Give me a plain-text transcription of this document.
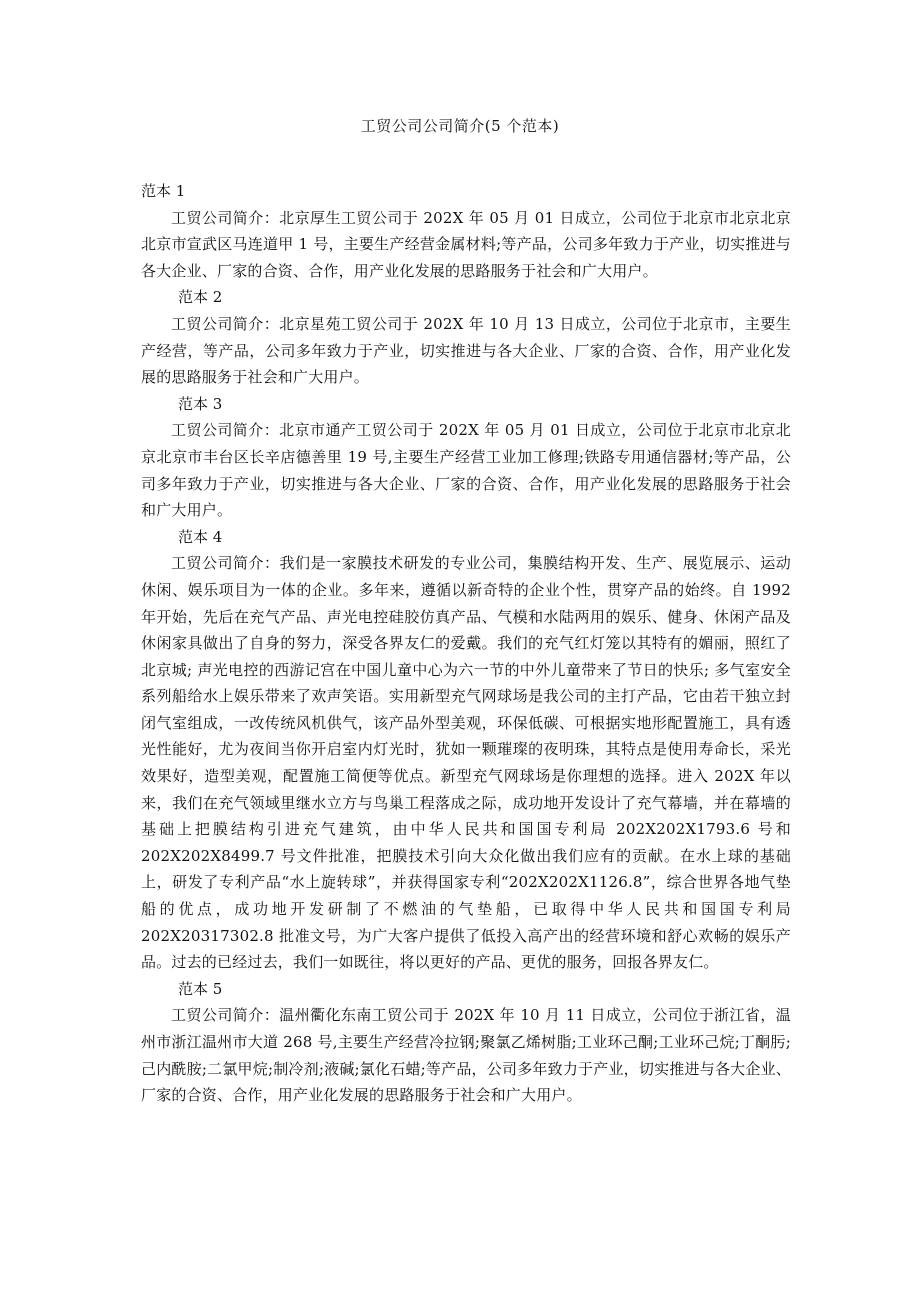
工贸公司公司简介(5 个范本)
范本 1

工贸公司简介：北京厚生工贸公司于 202X 年 05 月 01 日成立，公司位于北京市北京北京北京市宣武区马连道甲 1 号，主要生产经营金属材料;等产品，公司多年致力于产业，切实推进与各大企业、厂家的合资、合作，用产业化发展的思路服务于社会和广大用户。

范本 2

工贸公司简介：北京星苑工贸公司于 202X 年 10 月 13 日成立，公司位于北京市，主要生产经营，等产品，公司多年致力于产业，切实推进与各大企业、厂家的合资、合作，用产业化发展的思路服务于社会和广大用户。

范本 3

工贸公司简介：北京市通产工贸公司于 202X 年 05 月 01 日成立，公司位于北京市北京北京北京市丰台区长辛店德善里 19 号,主要生产经营工业加工修理;铁路专用通信器材;等产品，公司多年致力于产业，切实推进与各大企业、厂家的合资、合作，用产业化发展的思路服务于社会和广大用户。

范本 4

工贸公司简介：我们是一家膜技术研发的专业公司，集膜结构开发、生产、展览展示、运动休闲、娱乐项目为一体的企业。多年来，遵循以新奇特的企业个性，贯穿产品的始终。自 1992 年开始，先后在充气产品、声光电控硅胶仿真产品、气模和水陆两用的娱乐、健身、休闲产品及休闲家具做出了自身的努力，深受各界友仁的爱戴。我们的充气红灯笼以其特有的媚丽，照红了北京城; 声光电控的西游记宫在中国儿童中心为六一节的中外儿童带来了节日的快乐; 多气室安全系列船给水上娱乐带来了欢声笑语。实用新型充气网球场是我公司的主打产品，它由若干独立封闭气室组成，一改传统风机供气，该产品外型美观，环保低碳、可根据实地形配置施工，具有透光性能好，尤为夜间当你开启室内灯光时，犹如一颗璀璨的夜明珠，其特点是使用寿命长，采光效果好，造型美观，配置施工简便等优点。新型充气网球场是你理想的选择。进入 202X 年以来，我们在充气领域里继水立方与鸟巢工程落成之际，成功地开发设计了充气幕墙，并在幕墙的基础上把膜结构引进充气建筑，由中华人民共和国国专利局 202X202X1793.6 号和 202X202X8499.7 号文件批准，把膜技术引向大众化做出我们应有的贡献。在水上球的基础上，研发了专利产品“水上旋转球”，并获得国家专利“202X202X1126.8”，综合世界各地气垫船的优点，成功地开发研制了不燃油的气垫船，已取得中华人民共和国国专利局 202X20317302.8 批准文号，为广大客户提供了低投入高产出的经营环境和舒心欢畅的娱乐产品。过去的已经过去，我们一如既往，将以更好的产品、更优的服务，回报各界友仁。

范本 5

工贸公司简介：温州衢化东南工贸公司于 202X 年 10 月 11 日成立，公司位于浙江省，温州市浙江温州市大道 268 号,主要生产经营冷拉钢;聚氯乙烯树脂;工业环己酮;工业环己烷;丁酮肟;己内酰胺;二氯甲烷;制冷剂;液碱;氯化石蜡;等产品，公司多年致力于产业，切实推进与各大企业、厂家的合资、合作，用产业化发展的思路服务于社会和广大用户。
